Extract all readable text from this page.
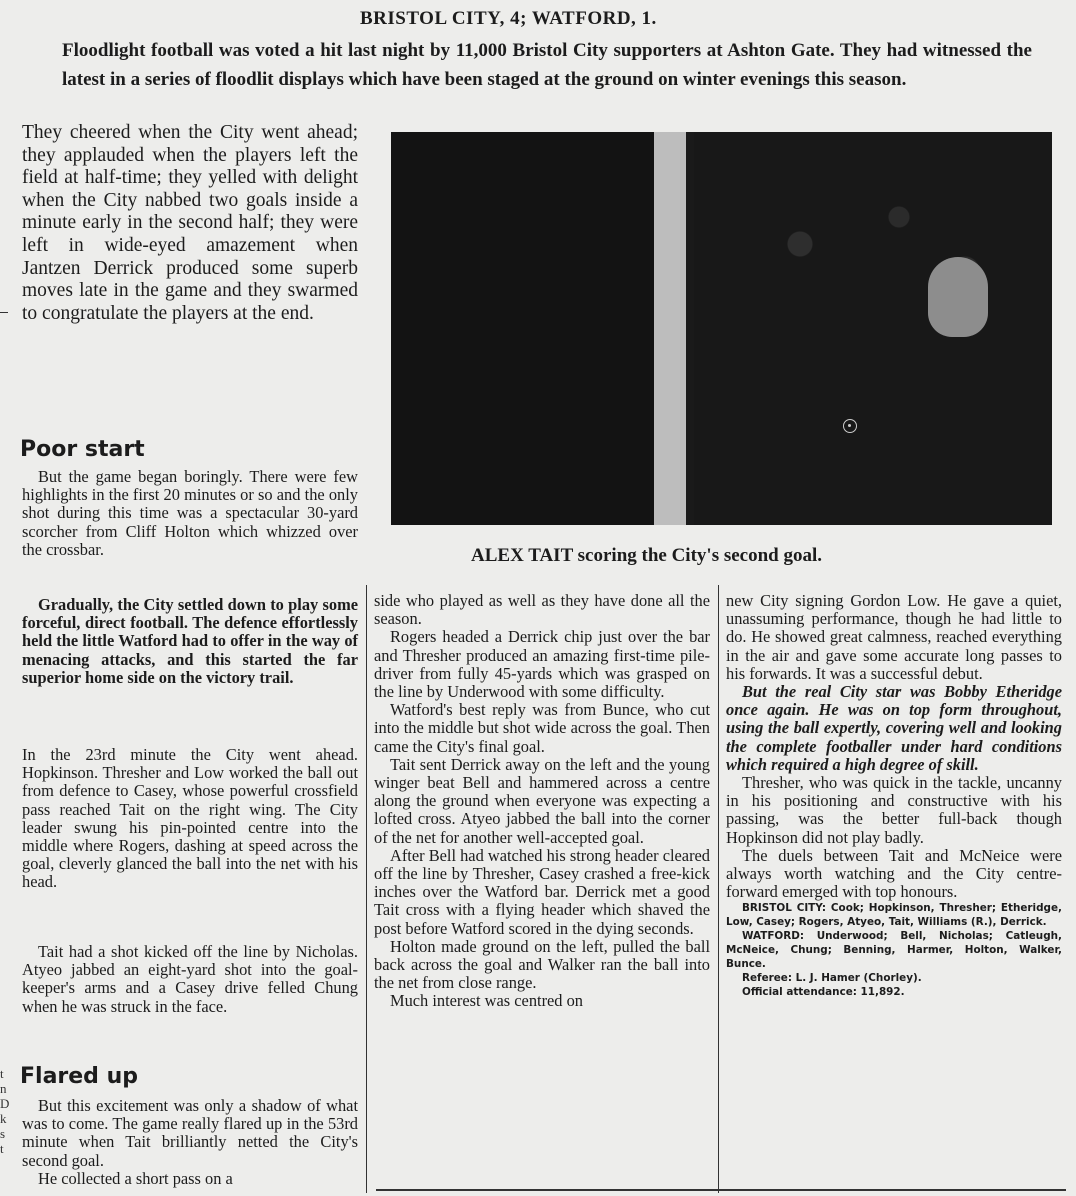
BRISTOL CITY, 4; WATFORD, 1.
Floodlight football was voted a hit last night by 11,000 Bristol City supporters at Ashton Gate. They had witnessed the latest in a series of floodlit displays which have been staged at the ground on winter evenings this season.
They cheered when the City went ahead; they applauded when the players left the field at half-time; they yelled with delight when the City nabbed two goals inside a minute early in the second half; they were left in wide-eyed amazement when Jantzen Derrick produced some superb moves late in the game and they swarmed to congratulate the players at the end.
Poor start
But the game began boringly. There were few highlights in the first 20 minutes or so and the only shot during this time was a spectacular 30-yard scorcher from Cliff Holton which whizzed over the crossbar.
Gradually, the City settled down to play some forceful, direct football. The defence effortlessly held the little Watford had to offer in the way of menacing attacks, and this started the far superior home side on the victory trail.
In the 23rd minute the City went ahead. Hopkinson. Thresher and Low worked the ball out from defence to Casey, whose powerful crossfield pass reached Tait on the right wing. The City leader swung his pin-pointed centre into the middle where Rogers, dashing at speed across the goal, cleverly glanced the ball into the net with his head.
Tait had a shot kicked off the line by Nicholas. Atyeo jabbed an eight-yard shot into the goal-keeper's arms and a Casey drive felled Chung when he was struck in the face.
Flared up
But this excitement was only a shadow of what was to come. The game really flared up in the 53rd minute when Tait brilliantly netted the City's second goal.
He collected a short pass on a
t
n
D
k
s
t
ALEX TAIT scoring the City's second goal.

side who played as well as they have done all the season.

Rogers headed a Derrick chip just over the bar and Thresher produced an amazing first-time pile-driver from fully 45-yards which was grasped on the line by Underwood with some difficulty.

Watford's best reply was from Bunce, who cut into the middle but shot wide across the goal. Then came the City's final goal.

Tait sent Derrick away on the left and the young winger beat Bell and hammered across a centre along the ground when everyone was expecting a lofted cross. Atyeo jabbed the ball into the corner of the net for another well-accepted goal.

After Bell had watched his strong header cleared off the line by Thresher, Casey crashed a free-kick inches over the Watford bar. Derrick met a good Tait cross with a flying header which shaved the post before Watford scored in the dying seconds.

Holton made ground on the left, pulled the ball back across the goal and Walker ran the ball into the net from close range.

Much interest was centred on

new City signing Gordon Low. He gave a quiet, unassuming performance, though he had little to do. He showed great calmness, reached everything in the air and gave some accurate long passes to his forwards. It was a successful debut.

But the real City star was Bobby Etheridge once again. He was on top form throughout, using the ball expertly, covering well and looking the complete footballer under hard conditions which required a high degree of skill.

Thresher, who was quick in the tackle, uncanny in his positioning and constructive with his passing, was the better full-back though Hopkinson did not play badly.

The duels between Tait and McNeice were always worth watching and the City centre-forward emerged with top honours.

BRISTOL CITY: Cook; Hopkinson, Thresher; Etheridge, Low, Casey; Rogers, Atyeo, Tait, Williams (R.), Derrick.

WATFORD: Underwood; Bell, Nicholas; Catleugh, McNeice, Chung; Benning, Harmer, Holton, Walker, Bunce.

Referee: L. J. Hamer (Chorley).

Official attendance: 11,892.
